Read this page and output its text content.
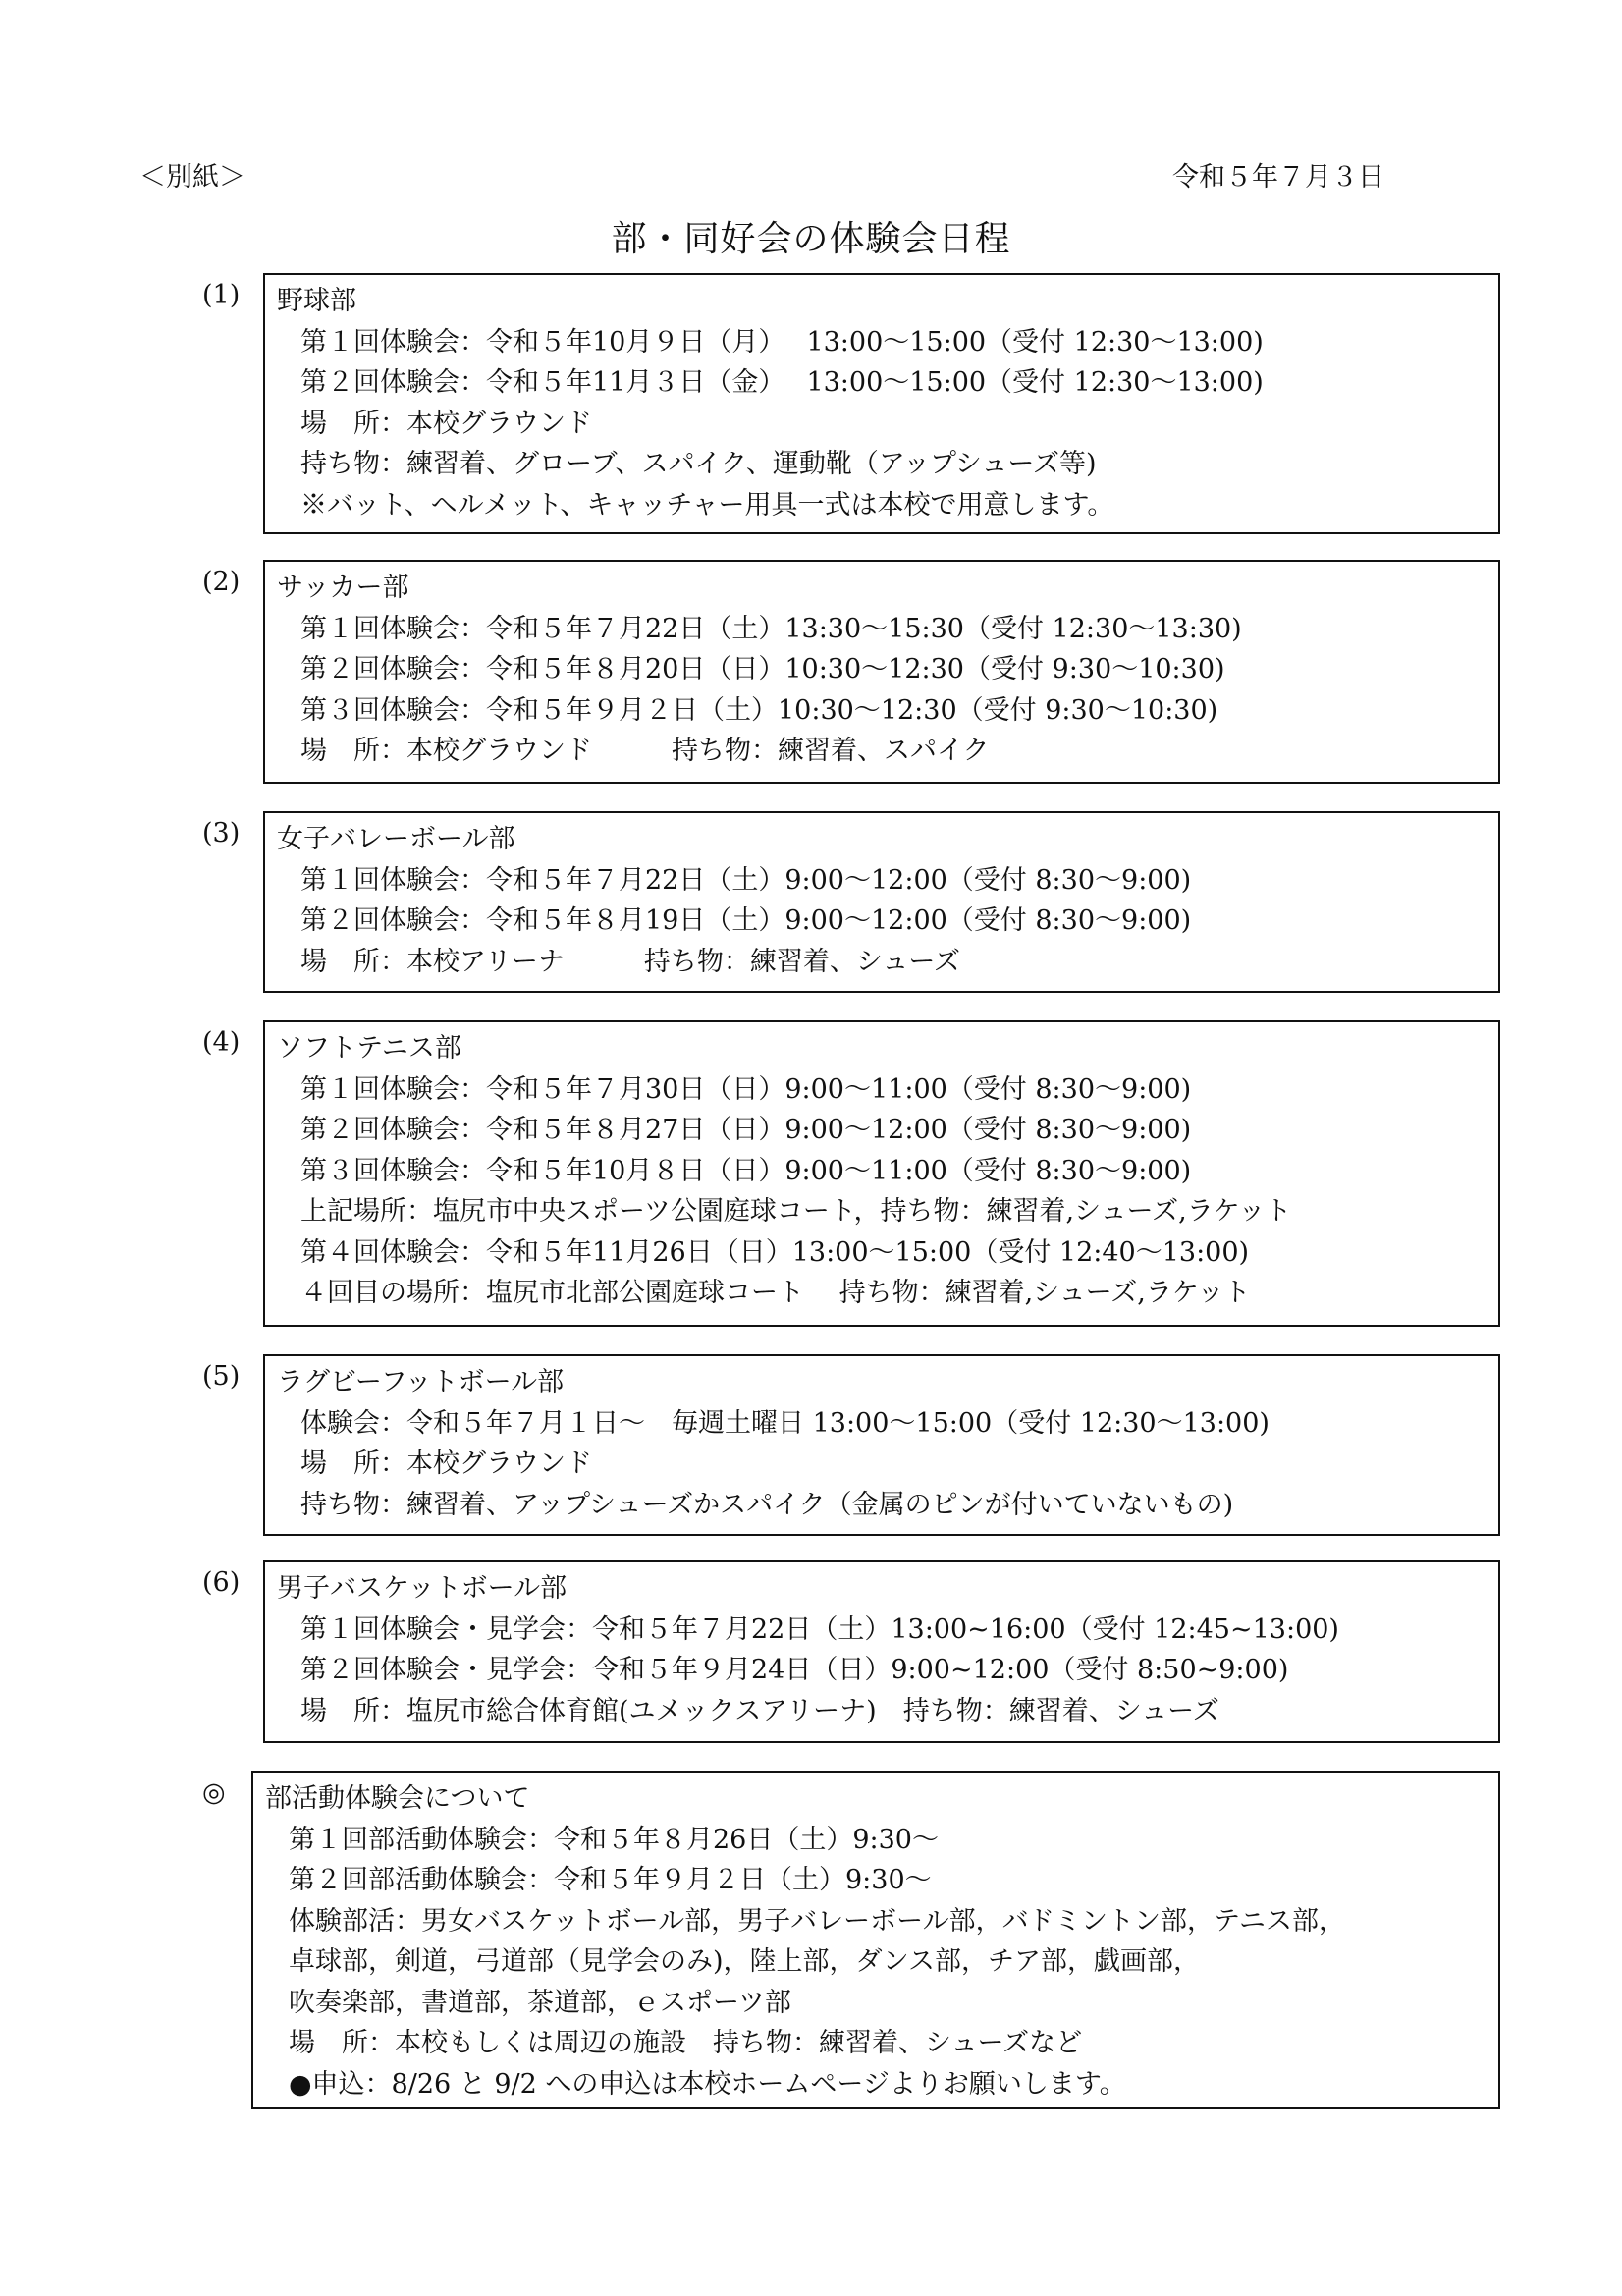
＜別紙＞	令和５年７月３日
部・同好会の体験会日程
(1) 野球部
第１回体験会：令和５年10月９日（月）　 13:00～15:00（受付 12:30～13:00)
第２回体験会：令和５年11月３日（金）　 13:00～15:00（受付 12:30～13:00)
場　所：本校グラウンド
持ち物：練習着、グローブ、スパイク、運動靴（アップシューズ等)
※バット、ヘルメット、キャッチャー用具一式は本校で用意します。
(2) サッカー部
第１回体験会：令和５年７月22日（土）13:30～15:30（受付 12:30～13:30)
第２回体験会：令和５年８月20日（日）10:30～12:30（受付 9:30～10:30)
第３回体験会：令和５年９月２日（土）10:30～12:30（受付 9:30～10:30)
場　所：本校グラウンド　　　持ち物：練習着、スパイク
(3) 女子バレーボール部
第１回体験会：令和５年７月22日（土）9:00～12:00（受付 8:30～9:00)
第２回体験会：令和５年８月19日（土）9:00～12:00（受付 8:30～9:00)
場　所：本校アリーナ　　　持ち物：練習着、シューズ
(4) ソフトテニス部
第１回体験会：令和５年７月30日（日）9:00～11:00（受付 8:30～9:00)
第２回体験会：令和５年８月27日（日）9:00～12:00（受付 8:30～9:00)
第３回体験会：令和５年10月８日（日）9:00～11:00（受付 8:30～9:00)
上記場所：塩尻市中央スポーツ公園庭球コート，持ち物：練習着,シューズ,ラケット
第４回体験会：令和５年11月26日（日）13:00～15:00（受付 12:40～13:00)
４回目の場所：塩尻市北部公園庭球コート　 持ち物：練習着,シューズ,ラケット
(5) ラグビーフットボール部
体験会：令和５年７月１日～　毎週土曜日 13:00～15:00（受付 12:30～13:00)
場　所：本校グラウンド
持ち物：練習着、アップシューズかスパイク（金属のピンが付いていないもの)
(6) 男子バスケットボール部
第１回体験会・見学会：令和５年７月22日（土）13:00~16:00（受付 12:45~13:00)
第２回体験会・見学会：令和５年９月24日（日）9:00~12:00（受付 8:50~9:00)
場　所：塩尻市総合体育館(ユメックスアリーナ)　持ち物：練習着、シューズ
◎ 部活動体験会について
第１回部活動体験会：令和５年８月26日（土）9:30～
第２回部活動体験会：令和５年９月２日（土）9:30～
体験部活：男女バスケットボール部，男子バレーボール部，バドミントン部，テニス部，
卓球部，剣道，弓道部（見学会のみ)，陸上部，ダンス部，チア部，戯画部，
吹奏楽部，書道部，茶道部，ｅスポーツ部
場　所：本校もしくは周辺の施設　持ち物：練習着、シューズなど
●申込：8/26 と 9/2 への申込は本校ホームページよりお願いします。
